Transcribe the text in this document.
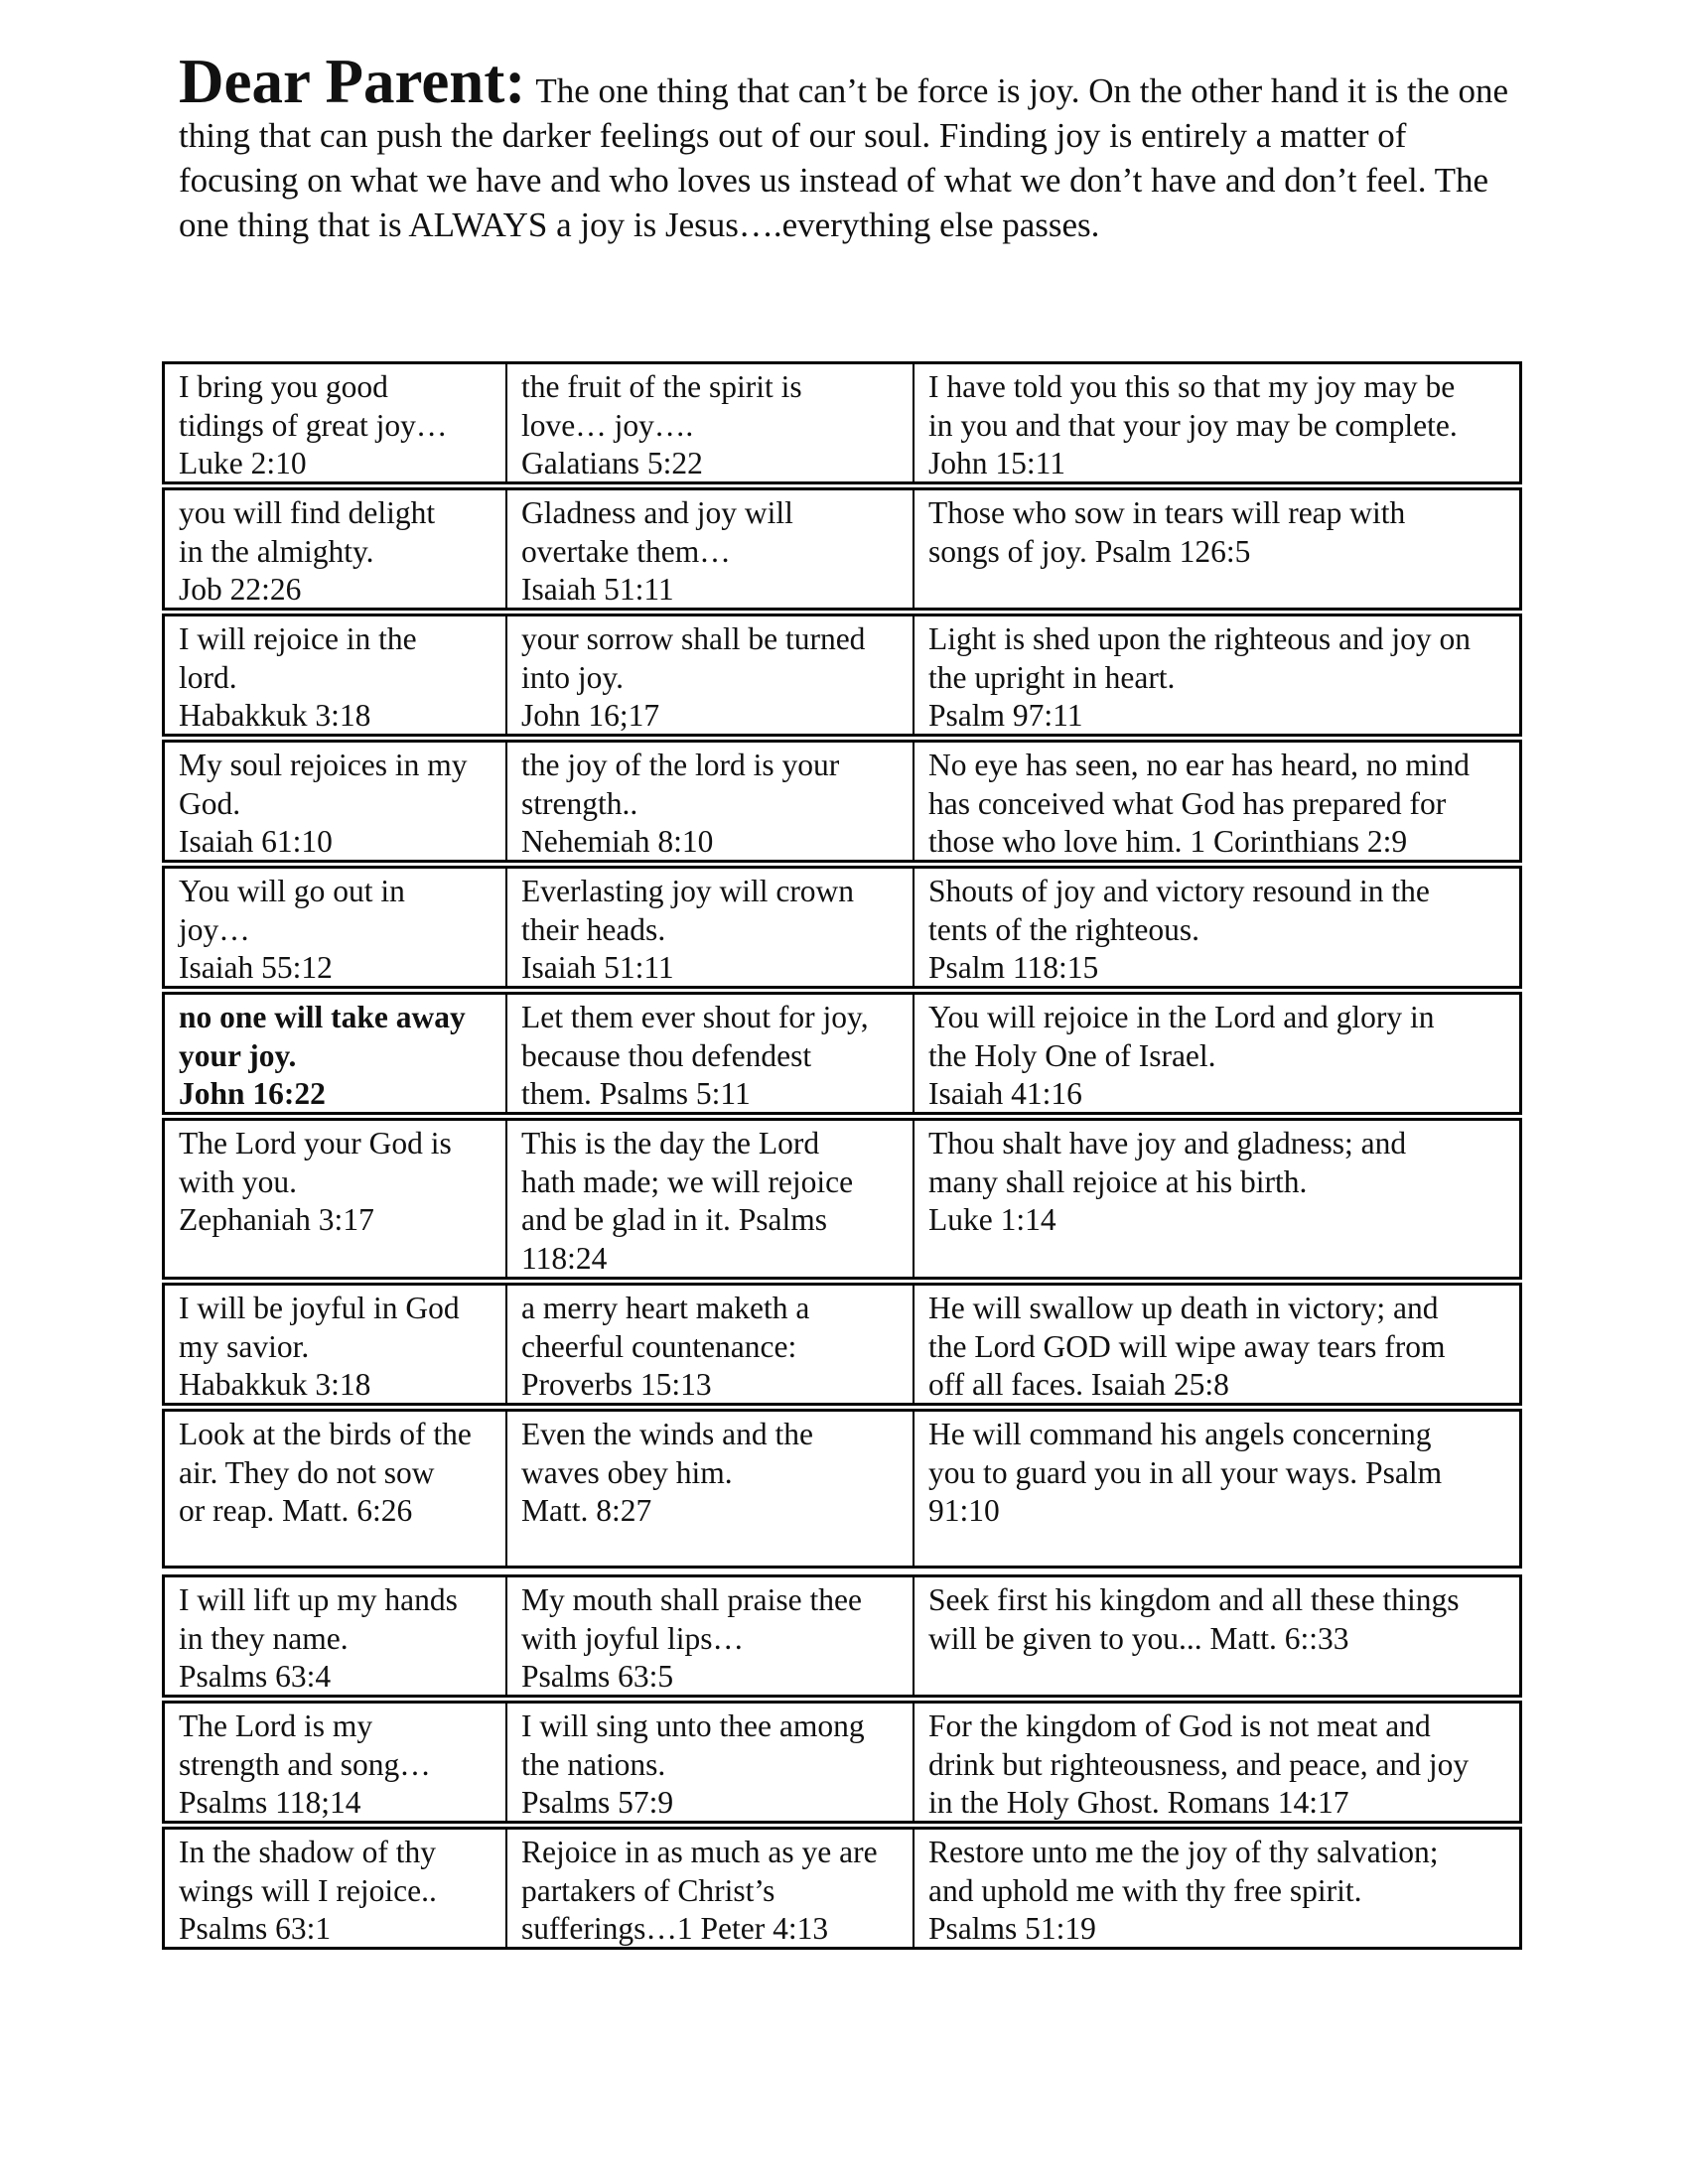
Dear Parent: The one thing that can’t be force is joy. On the other hand it is the one thing that can push the darker feelings out of our soul. Finding joy is entirely a matter of focusing on what we have and who loves us instead of what we don’t have and don’t feel. The one thing that is ALWAYS a joy is Jesus….everything else passes.
I bring you good
tidings of great joy…
Luke 2:10
the fruit of the spirit is
love… joy….
Galatians 5:22
I have told you this so that my joy may be
in you and that your joy may be complete.
John 15:11
you will find delight
in the almighty.
Job 22:26
Gladness and joy will
overtake them…
Isaiah 51:11
Those who sow in tears will reap with
songs of joy. Psalm 126:5
I will rejoice in the
lord.
Habakkuk 3:18
your sorrow shall be turned
into joy.
John 16;17
Light is shed upon the righteous and joy on
the upright in heart.
Psalm 97:11
My soul rejoices in my
God.
Isaiah 61:10
the joy of the lord is your
strength..
Nehemiah 8:10
No eye has seen, no ear has heard, no mind
has conceived what God has prepared for
those who love him. 1 Corinthians 2:9
You will go out in
joy…
Isaiah 55:12
Everlasting joy will crown
their heads.
Isaiah 51:11
Shouts of joy and victory resound in the
tents of the righteous.
Psalm 118:15
no one will take away
your joy.
John 16:22
Let them ever shout for joy,
because thou defendest
them. Psalms 5:11
You will rejoice in the Lord and glory in
the Holy One of Israel.
Isaiah 41:16
The Lord your God is
with you.
Zephaniah 3:17
This is the day the Lord
hath made; we will rejoice
and be glad in it. Psalms
118:24
Thou shalt have joy and gladness; and
many shall rejoice at his birth.
Luke 1:14
I will be joyful in God
my savior.
Habakkuk 3:18
a merry heart maketh a
cheerful countenance:
Proverbs 15:13
He will swallow up death in victory; and
the Lord GOD will wipe away tears from
off all faces. Isaiah 25:8
Look at the birds of the
air. They do not sow
or reap. Matt. 6:26
Even the winds and the
waves obey him.
Matt. 8:27
He will command his angels concerning
you to guard you in all your ways. Psalm
91:10
I will lift up my hands
in they name.
Psalms 63:4
My mouth shall praise thee
with joyful lips…
Psalms 63:5
Seek first his kingdom and all these things
will be given to you... Matt. 6::33
The Lord is my
strength and song…
Psalms 118;14
I will sing unto thee among
the nations.
Psalms 57:9
For the kingdom of God is not meat and
drink but righteousness, and peace, and joy
in the Holy Ghost. Romans 14:17
In the shadow of thy
wings will I rejoice..
Psalms 63:1
Rejoice in as much as ye are
partakers of Christ’s
sufferings…1 Peter 4:13
Restore unto me the joy of thy salvation;
and uphold me with thy free spirit.
Psalms 51:19
